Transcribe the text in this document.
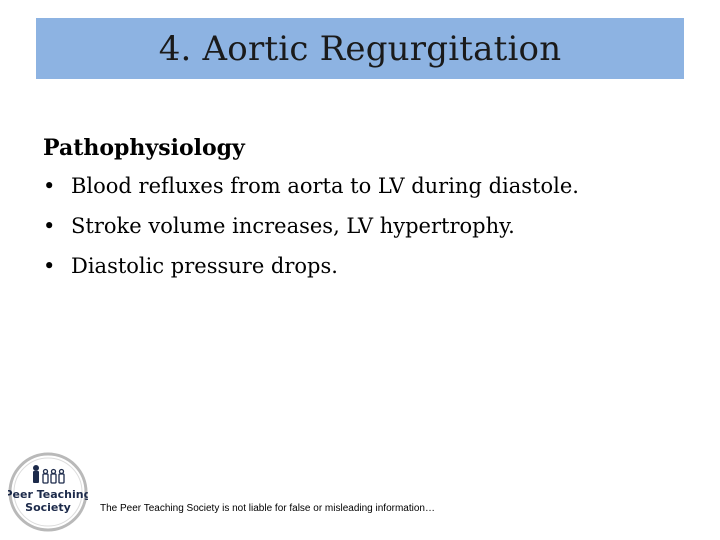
4. Aortic Regurgitation
Pathophysiology
• Blood refluxes from aorta to LV during diastole.
• Stroke volume increases, LV hypertrophy.
• Diastolic pressure drops.
Peer Teaching
Society	The Peer Teaching Society is not liable for false or misleading information…
